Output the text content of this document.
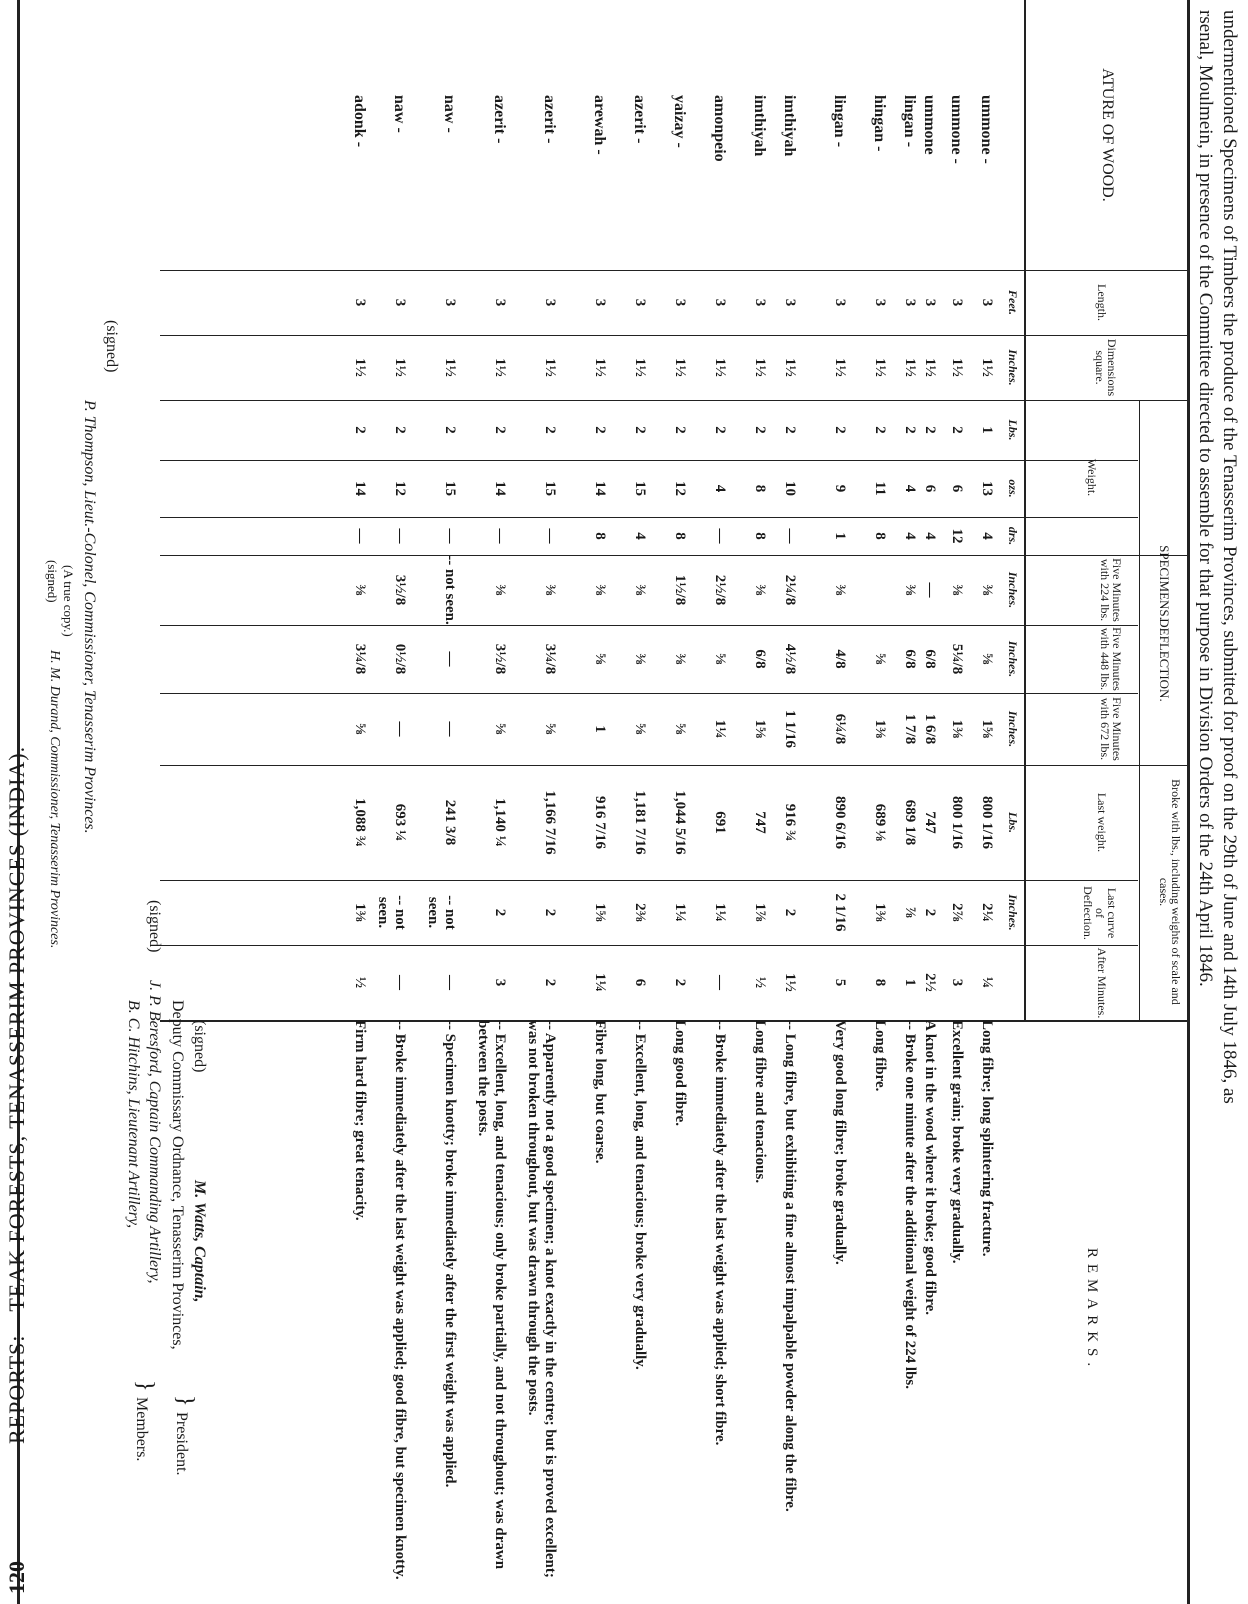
undermentioned Specimens of Timbers the produce of the Tenasserim Provinces, submitted for proof on the 29th of June and 14th July 1846, as
rsenal, Moulmein, in presence of the Committee directed to assemble for that purpose in Division Orders of the 24th April 1846.
ATURE OF WOOD.
SPECIMENS.
Length.
Dimensions square.
Weight.
DEFLECTION.
Five Minutes with 224 lbs.
Five Minutes with 448 lbs.
Five Minutes with 672 lbs.
Broke with lbs., including weights of scale and cases.
Last weight.
Last curve of Deflection.
After Minutes.
REMARKS.
Feet.
Inches.
Lbs.
ozs.
drs.
Inches.
Inches.
Inches.
Lbs.
Inches.
ummone -
3
1½
1
13
4
⅜
⅝
1⅝
800 1/16
2¼
¼
Long fibre; long splintering fracture.
ummone -
3
1½
2
6
12
⅜
5¼/8
1⅜
800 1/16
2⅞
3
Excellent grain; broke very gradually.
ummone
3
1½
2
6
4
—
6/8
1 6/8
747
2
2½
A knot in the wood where it broke; good fibre.
lingan -
3
1½
2
4
4
⅜
6/8
1 7/8
689 1/8
⅞
1
-- Broke one minute after the additional weight of 224 lbs.
hingan -
3
1½
2
11
8
⅝
1⅜
689 ⅛
1⅜
8
Long fibre.
lingan -
3
1½
2
9
1
⅜
4/8
6¼/8
890 6/16
2 1/16
5
Very good long fibre; broke gradually.
imthiyah
3
1½
2
10
—
2¼/8
4½/8
1 1/16
916 ¾
2
1½
-- Long fibre, but exhibiting a fine almost impalpable powder along the fibre.
imthiyah
3
1½
2
8
8
⅜
6/8
1⅝
747
1⅞
½
Long fibre and tenacious.
amonpeio
3
1½
2
4
—
2½/8
⅝
1¼
691
1¼
—
-- Broke immediately after the last weight was applied; short fibre.
yaizay -
3
1½
2
12
8
1½/8
⅜
⅝
1,044 5/16
1¼
2
Long good fibre.
azerit -
3
1½
2
15
4
⅜
⅜
⅝
1,181 7/16
2⅜
6
-- Excellent, long, and tenacious; broke very gradually.
arewah -
3
1½
2
14
8
⅜
⅝
1
916 7/16
1⅝
1¼
Fibre long, but coarse.
azerit -
3
1½
2
15
—
⅜
3¼/8
⅝
1,166 7/16
2
2
-- Apparently not a good specimen; a knot exactly in the centre; but is proved excellent; was not broken throughout, but was drawn through the posts.
azerit -
3
1½
2
14
—
⅜
3½/8
⅝
1,140 ¼
2
3
-- Excellent, long, and tenacious; only broke partially, and not throughout; was drawn between the posts.
naw -
3
1½
2
15
—
-- not seen.
—
—
241 3/8
-- not seen.
—
-- Specimen knotty; broke immediately after the first weight was applied.
naw -
3
1½
2
12
—
3½/8
0½/8
—
693 ¼
-- not seen.
—
-- Broke immediately after the last weight was applied; good fibre, but specimen knotty.
adonk -
3
1½
2
14
—
⅜
3¼/8
⅝
1,088 ¾
1⅜
½
Firm hard fibre; great tenacity.
(signed)
M. Watts, Captain,
Deputy Commissary Ordnance, Tenasserim Provinces,
}
President.
(signed)
J. P. Beresford, Captain Commanding Artillery,
B. C. Hitchins, Lieutenant Artillery,
}
Members.
(signed)
P. Thompson, Lieut.-Colonel, Commissioner, Tenasserim Provinces.
(A true copy.)
(signed)
H. M. Durand, Commissioner, Tenasserim Provinces.
120
REPORTS:—TEAK FORESTS, TENASSERIM PROVINCES (INDIA).
